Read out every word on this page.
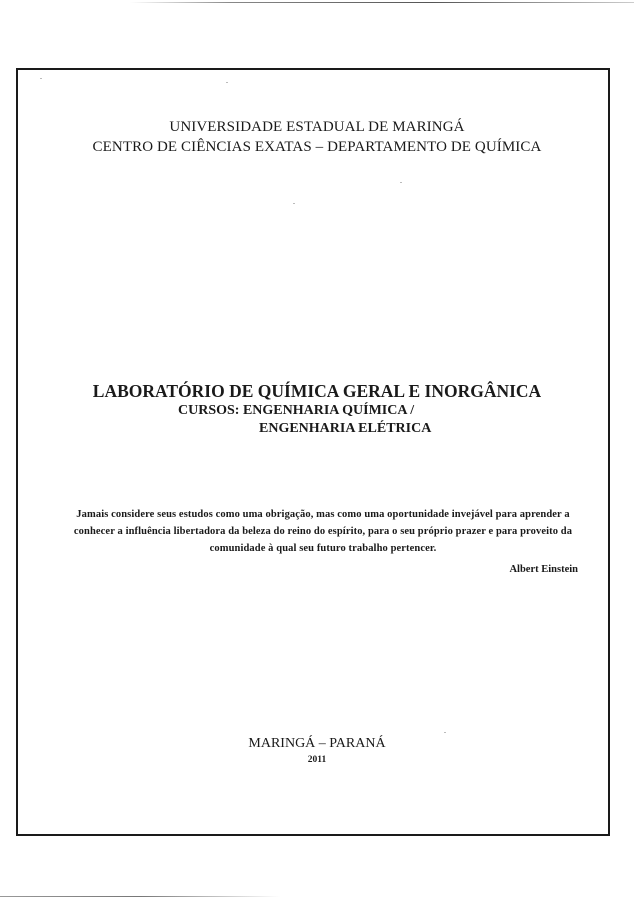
UNIVERSIDADE ESTADUAL DE MARINGÁ
CENTRO DE CIÊNCIAS EXATAS – DEPARTAMENTO DE QUÍMICA
LABORATÓRIO DE QUÍMICA GERAL E INORGÂNICA
CURSOS: ENGENHARIA QUÍMICA /
ENGENHARIA ELÉTRICA
Jamais considere seus estudos como uma obrigação, mas como uma oportunidade invejável para aprender a conhecer a influência libertadora da beleza do reino do espírito, para o seu próprio prazer e para proveito da comunidade à qual seu futuro trabalho pertencer.
Albert Einstein
MARINGÁ – PARANÁ
2011
